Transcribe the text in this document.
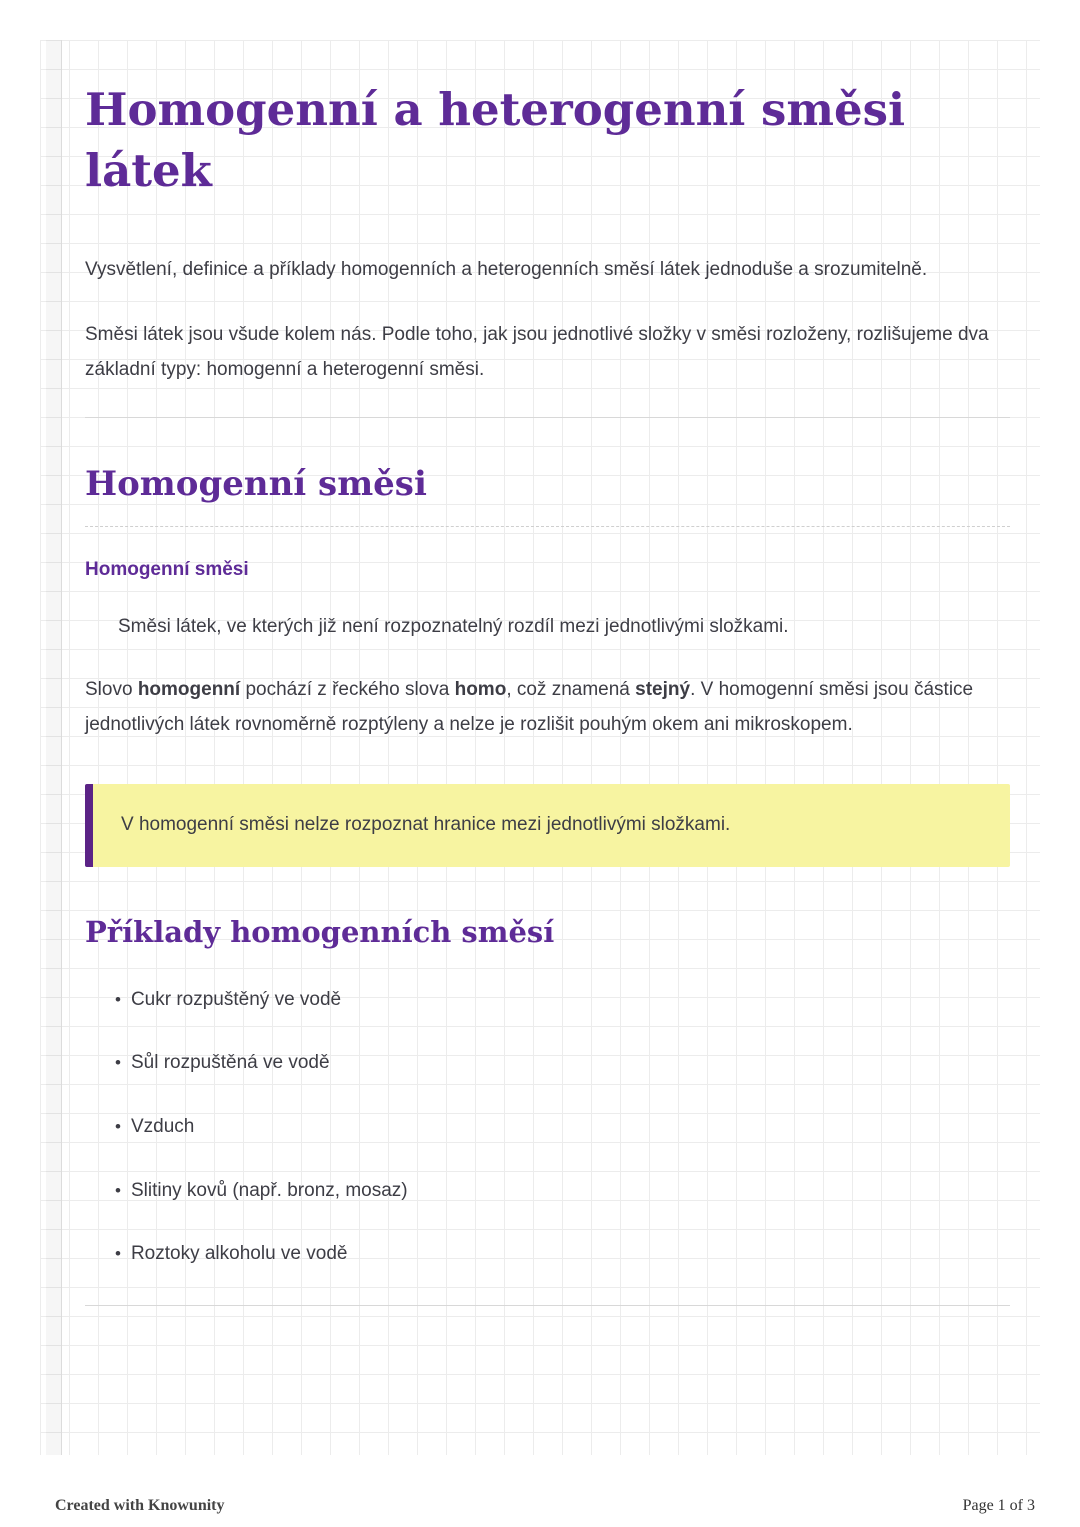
Homogenní a heterogenní směsi látek

Vysvětlení, definice a příklady homogenních a heterogenních směsí látek jednoduše a srozumitelně.

Směsi látek jsou všude kolem nás. Podle toho, jak jsou jednotlivé složky v směsi rozloženy, rozlišujeme dva základní typy: homogenní a heterogenní směsi.

Homogenní směsi

Homogenní směsi

Směsi látek, ve kterých již není rozpoznatelný rozdíl mezi jednotlivými složkami.

Slovo homogenní pochází z řeckého slova homo, což znamená stejný. V homogenní směsi jsou částice jednotlivých látek rovnoměrně rozptýleny a nelze je rozlišit pouhým okem ani mikroskopem.

V homogenní směsi nelze rozpoznat hranice mezi jednotlivými složkami.

Příklady homogenních směsí
• Cukr rozpuštěný ve vodě
• Sůl rozpuštěná ve vodě
• Vzduch
• Slitiny kovů (např. bronz, mosaz)
• Roztoky alkoholu ve vodě
Created with Knowunity	Page 1 of 3
